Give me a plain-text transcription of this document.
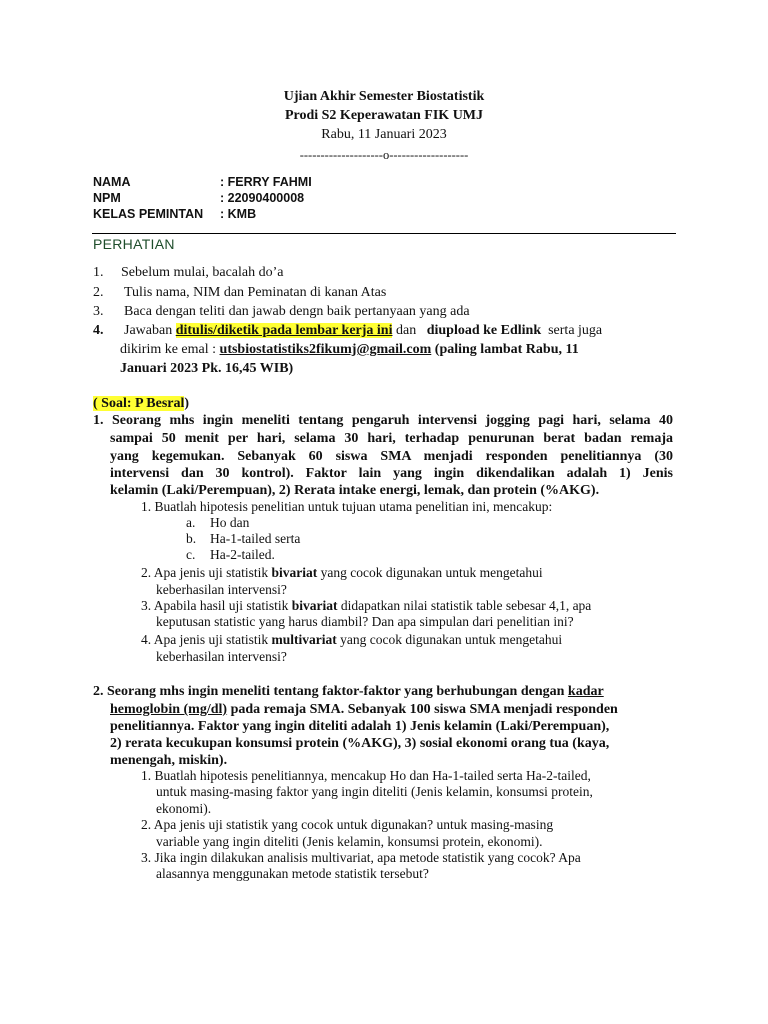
Ujian Akhir Semester Biostatistik
Prodi S2 Keperawatan FIK UMJ
Rabu, 11 Januari 2023
--------------------o-------------------
NAMA	: FERRY FAHMI
NPM	: 22090400008
KELAS PEMINTAN : KMB
PERHATIAN
1. Sebelum mulai, bacalah do’a
2. Tulis nama, NIM dan Peminatan di kanan Atas
3. Baca dengan teliti dan jawab dengn baik pertanyaan yang ada
4. Jawaban ditulis/diketik pada lembar kerja ini dan diupload ke Edlink serta juga
dikirim ke emal : utsbiostatistiks2fikumj@gmail.com (paling lambat Rabu, 11
Januari 2023 Pk. 16,45 WIB)
( Soal: P Besral)
1. Seorang mhs ingin meneliti tentang pengaruh intervensi jogging pagi hari, selama 40
sampai 50 menit per hari, selama 30 hari, terhadap penurunan berat badan remaja
yang kegemukan. Sebanyak 60 siswa SMA menjadi responden penelitiannya (30
intervensi dan 30 kontrol). Faktor lain yang ingin dikendalikan adalah 1) Jenis
kelamin (Laki/Perempuan), 2) Rerata intake energi, lemak, dan protein (%AKG).
1. Buatlah hipotesis penelitian untuk tujuan utama penelitian ini, mencakup:
a. Ho dan
b. Ha-1-tailed serta
c. Ha-2-tailed.
2. Apa jenis uji statistik bivariat yang cocok digunakan untuk mengetahui
keberhasilan intervensi?
3. Apabila hasil uji statistik bivariat didapatkan nilai statistik table sebesar 4,1, apa
keputusan statistic yang harus diambil? Dan apa simpulan dari penelitian ini?
4. Apa jenis uji statistik multivariat yang cocok digunakan untuk mengetahui
keberhasilan intervensi?
2. Seorang mhs ingin meneliti tentang faktor-faktor yang berhubungan dengan kadar
hemoglobin (mg/dl) pada remaja SMA. Sebanyak 100 siswa SMA menjadi responden
penelitiannya. Faktor yang ingin diteliti adalah 1) Jenis kelamin (Laki/Perempuan),
2) rerata kecukupan konsumsi protein (%AKG), 3) sosial ekonomi orang tua (kaya,
menengah, miskin).
1. Buatlah hipotesis penelitiannya, mencakup Ho dan Ha-1-tailed serta Ha-2-tailed,
untuk masing-masing faktor yang ingin diteliti (Jenis kelamin, konsumsi protein,
ekonomi).
2. Apa jenis uji statistik yang cocok untuk digunakan? untuk masing-masing
variable yang ingin diteliti (Jenis kelamin, konsumsi protein, ekonomi).
3. Jika ingin dilakukan analisis multivariat, apa metode statistik yang cocok? Apa
alasannya menggunakan metode statistik tersebut?
